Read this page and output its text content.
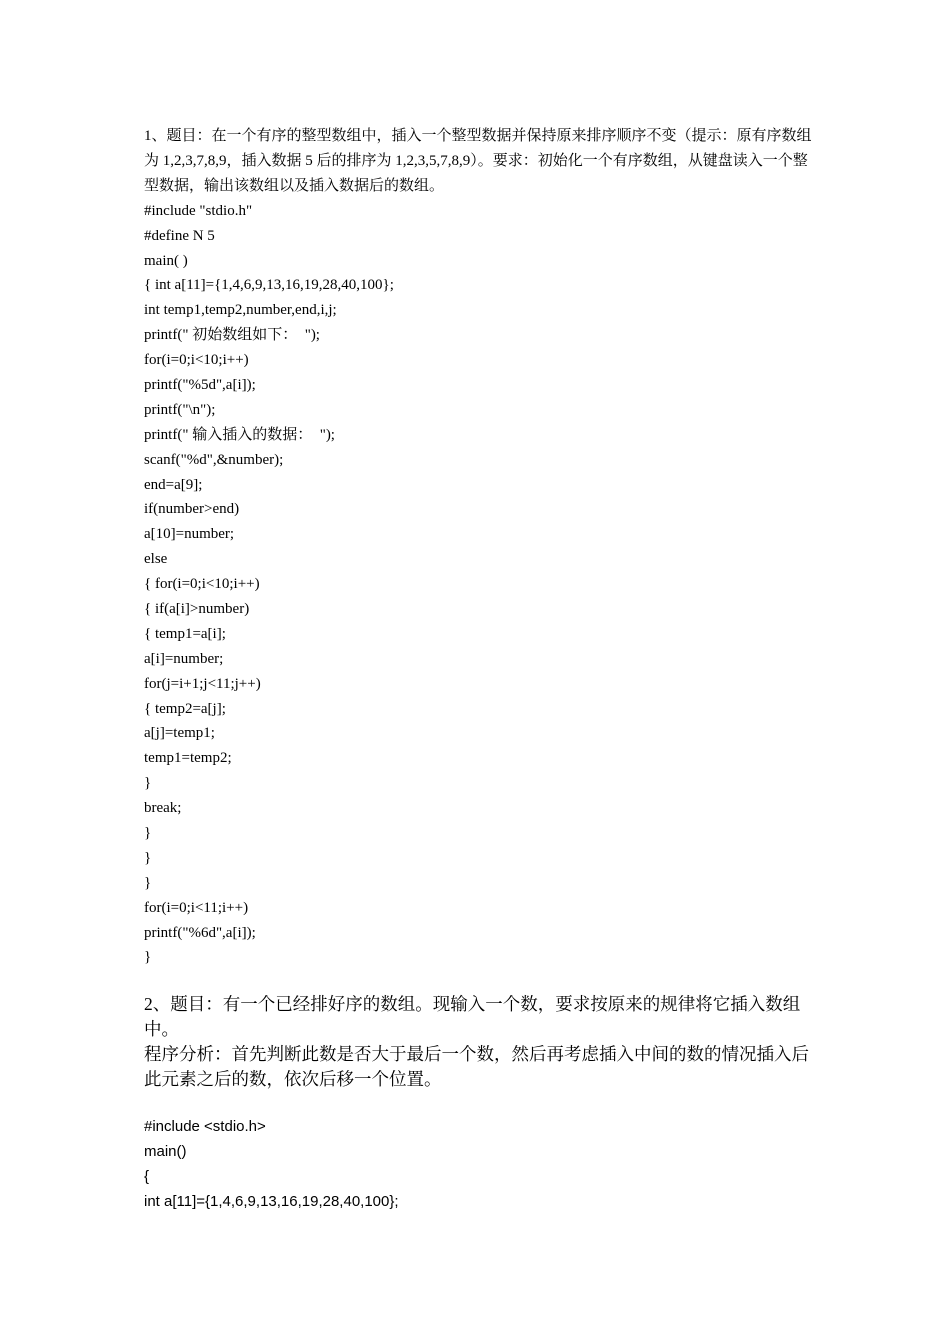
1、题目：在一个有序的整型数组中，插入一个整型数据并保持原来排序顺序不变（提示：原有序数组为 1,2,3,7,8,9，插入数据 5 后的排序为 1,2,3,5,7,8,9）。要求：初始化一个有序数组，从键盘读入一个整型数据，输出该数组以及插入数据后的数组。

#include "stdio.h"
#define N 5
main( )
{ int a[11]={1,4,6,9,13,16,19,28,40,100};
int temp1,temp2,number,end,i,j;
printf(" 初始数组如下：  ");
for(i=0;i<10;i++)
printf("%5d",a[i]);
printf("\n");
printf(" 输入插入的数据：  ");
scanf("%d",&number);
end=a[9];
if(number>end)
a[10]=number;
else
{ for(i=0;i<10;i++)
{ if(a[i]>number)
{ temp1=a[i];
a[i]=number;
for(j=i+1;j<11;j++)
{ temp2=a[j];
a[j]=temp1;
temp1=temp2;
}
break;
}
}
}
for(i=0;i<11;i++)
printf("%6d",a[i]);
}

2、题目：有一个已经排好序的数组。现输入一个数，要求按原来的规律将它插入数组中。

程序分析：首先判断此数是否大于最后一个数，然后再考虑插入中间的数的情况插入后此元素之后的数，依次后移一个位置。

#include <stdio.h>
main()
{
int a[11]={1,4,6,9,13,16,19,28,40,100};
